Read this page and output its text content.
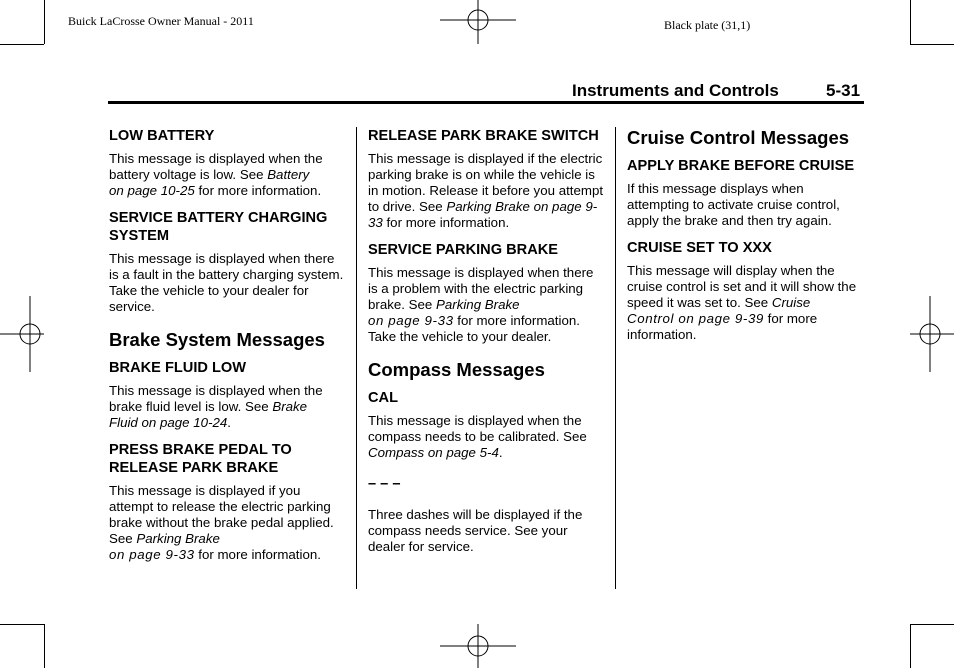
Buick LaCrosse Owner Manual - 2011	Black plate (31,1)
Instruments and Controls	5-31
LOW BATTERY

This message is displayed when the battery voltage is low. See Battery
on page 10-25 for more information.

SERVICE BATTERY CHARGING SYSTEM

This message is displayed when there is a fault in the battery charging system. Take the vehicle to your dealer for service.

Brake System Messages
BRAKE FLUID LOW

This message is displayed when the brake fluid level is low. See Brake
Fluid on page 10-24.

PRESS BRAKE PEDAL TO RELEASE PARK BRAKE

This message is displayed if you attempt to release the electric parking brake without the brake pedal applied. See Parking Brake
on page 9-33 for more information.

RELEASE PARK BRAKE SWITCH

This message is displayed if the electric parking brake is on while the vehicle is in motion. Release it before you attempt to drive. See Parking Brake on page 9-33 for more information.

SERVICE PARKING BRAKE

This message is displayed when there is a problem with the electric parking brake. See Parking Brake
on page 9-33 for more information. Take the vehicle to your dealer.

Compass Messages
CAL

This message is displayed when the compass needs to be calibrated. See Compass on page 5-4.

– – –

Three dashes will be displayed if the compass needs service. See your dealer for service.

Cruise Control Messages
APPLY BRAKE BEFORE CRUISE

If this message displays when attempting to activate cruise control, apply the brake and then try again.

CRUISE SET TO XXX

This message will display when the cruise control is set and it will show the speed it was set to. See Cruise
Control on page 9-39 for more information.
